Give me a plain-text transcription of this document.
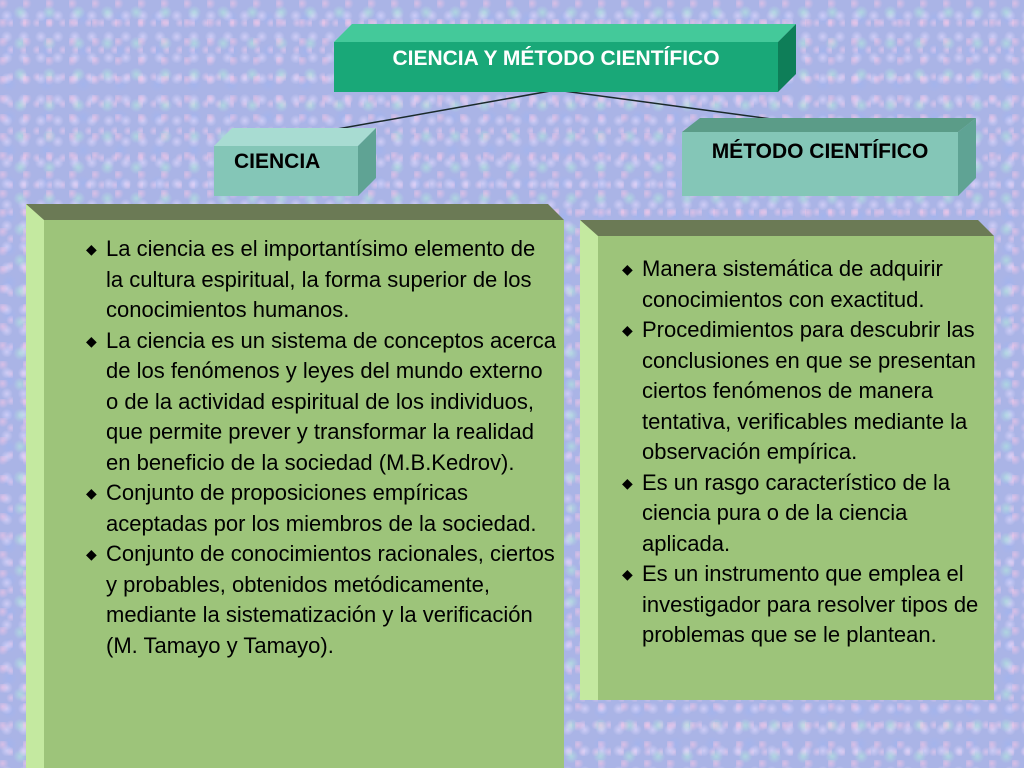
CIENCIA Y MÉTODO CIENTÍFICO
CIENCIA	MÉTODO CIENTÍFICO
◆ La ciencia es el importantísimo elemento de la cultura espiritual, la forma superior de los conocimientos humanos.
◆ La ciencia es un sistema de conceptos acerca de los fenómenos y leyes del mundo externo o de la actividad espiritual de los individuos, que permite prever y transformar la realidad en beneficio de la sociedad (M.B.Kedrov).
◆ Conjunto de proposiciones empíricas aceptadas por los miembros de la sociedad.
◆ Conjunto de conocimientos racionales, ciertos y probables, obtenidos metódicamente, mediante la sistematización y la verificación (M. Tamayo y Tamayo).
◆ Manera sistemática de adquirir conocimientos con exactitud.
◆ Procedimientos para descubrir las conclusiones en que se presentan ciertos fenómenos de manera tentativa, verificables mediante la observación empírica.
◆ Es un rasgo característico de la ciencia pura o de la ciencia aplicada.
◆ Es un instrumento que emplea el investigador para resolver tipos de problemas que se le plantean.
